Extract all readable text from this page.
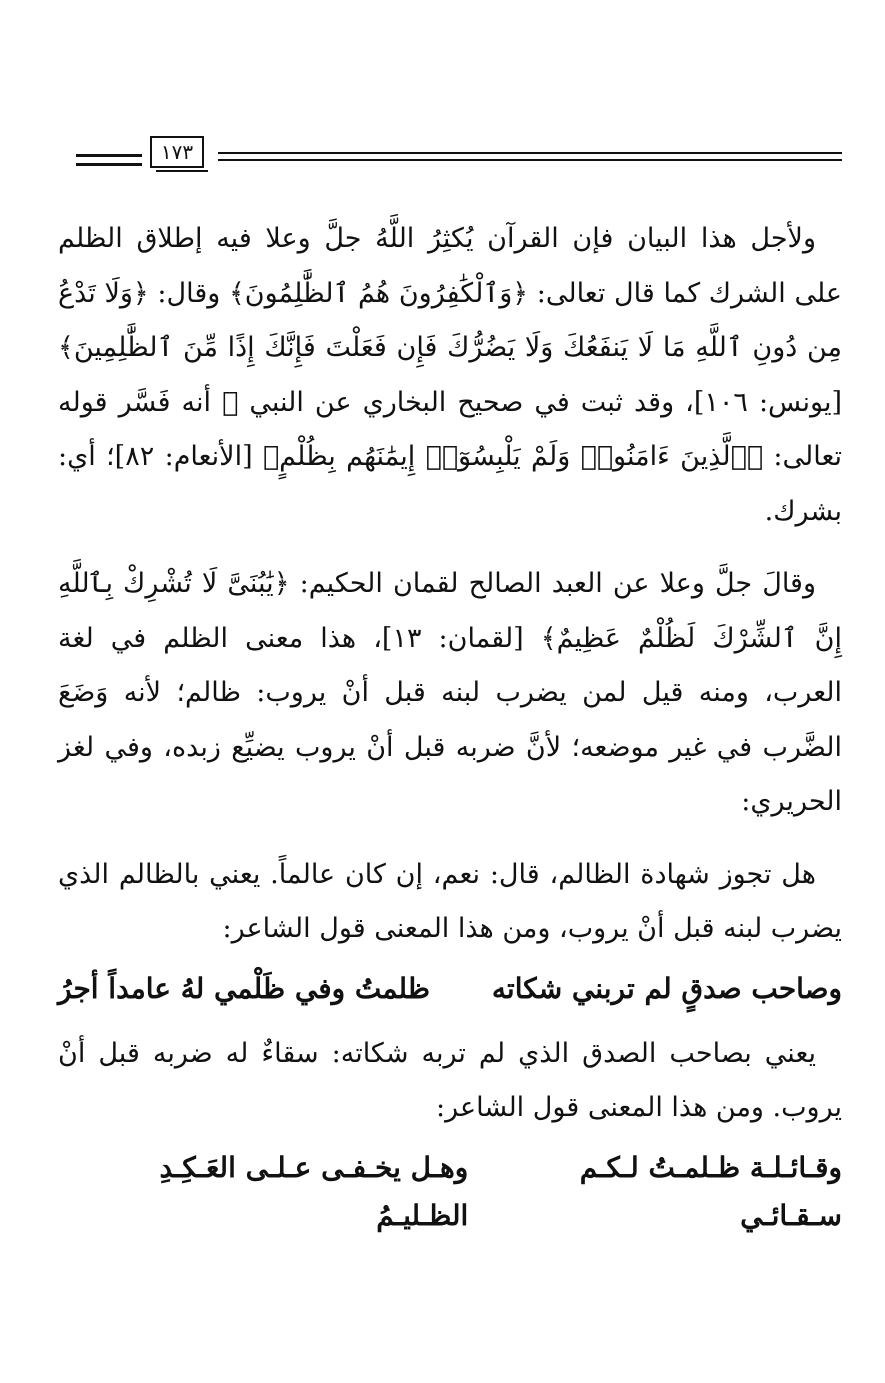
١٧٣

ولأجل هذا البيان فإن القرآن يُكثِرُ اللَّهُ جلَّ وعلا فيه إطلاق الظلم على الشرك كما قال تعالى: ﴿وَٱلْكَٰفِرُونَ هُمُ ٱلظَّٰلِمُونَ﴾ وقال: ﴿وَلَا تَدْعُ مِن دُونِ ٱللَّهِ مَا لَا يَنفَعُكَ وَلَا يَضُرُّكَ فَإِن فَعَلْتَ فَإِنَّكَ إِذًا مِّنَ ٱلظَّٰلِمِينَ﴾ [يونس: ١٠٦]، وقد ثبت في صحيح البخاري عن النبي ﷺ أنه فَسَّر قوله تعالى: ﴿ٱلَّذِينَ ءَامَنُوا۟ وَلَمْ يَلْبِسُوٓا۟ إِيمَٰنَهُم بِظُلْمٍ﴾ [الأنعام: ٨٢]؛ أي: بشرك.

وقالَ جلَّ وعلا عن العبد الصالح لقمان الحكيم: ﴿يَٰبُنَىَّ لَا تُشْرِكْ بِٱللَّهِ إِنَّ ٱلشِّرْكَ لَظُلْمٌ عَظِيمٌ﴾ [لقمان: ١٣]، هذا معنى الظلم في لغة العرب، ومنه قيل لمن يضرب لبنه قبل أنْ يروب: ظالم؛ لأنه وَضَعَ الضَّرب في غير موضعه؛ لأنَّ ضربه قبل أنْ يروب يضيِّع زبده، وفي لغز الحريري:

هل تجوز شهادة الظالم، قال: نعم، إن كان عالماً. يعني بالظالم الذي يضرب لبنه قبل أنْ يروب، ومن هذا المعنى قول الشاعر:

وصاحب صدقٍ لم تربني شكاته
ظلمتُ وفي ظَلْمي لهُ عامداً أجرُ

يعني بصاحب الصدق الذي لم تربه شكاته: سقاءٌ له ضربه قبل أنْ يروب. ومن هذا المعنى قول الشاعر:

وقـائـلـة ظـلمـتُ لـكـم سـقـائـي
وهـل يخـفـى عـلـى العَـكِـدِ الظـليـمُ
